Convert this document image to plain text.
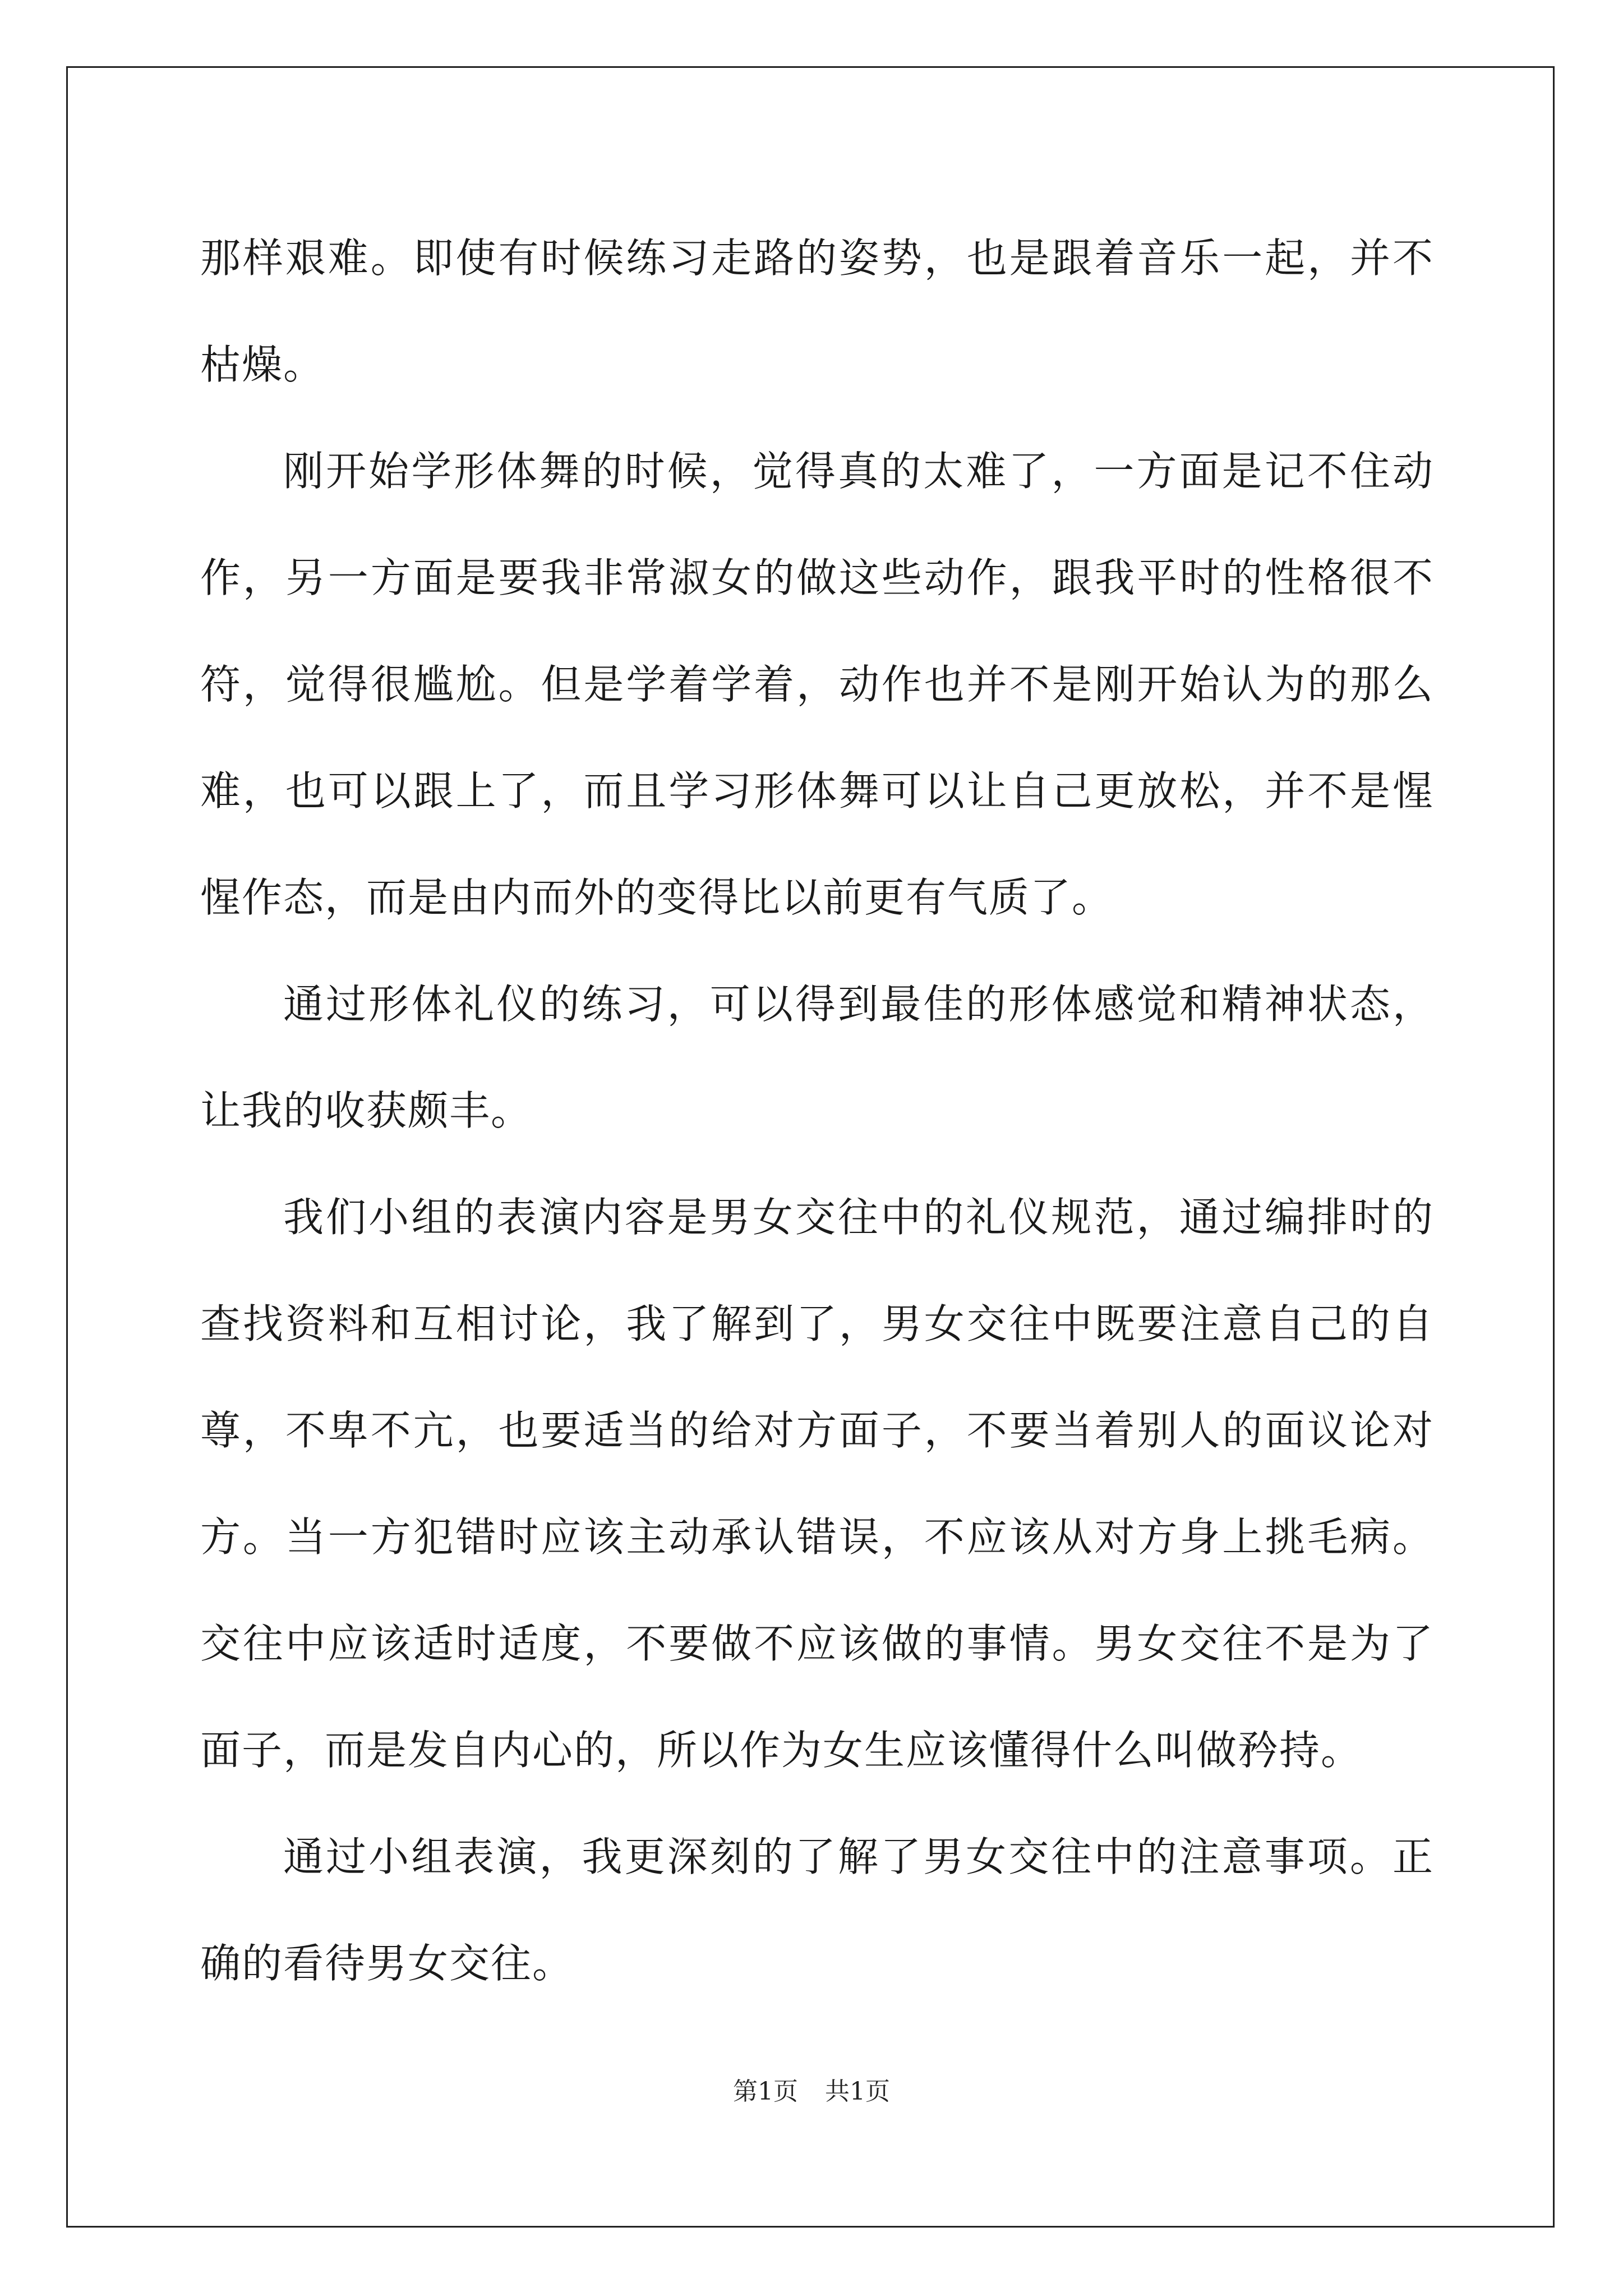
那样艰难。即使有时候练习走路的姿势，也是跟着音乐一起，并不枯燥。

刚开始学形体舞的时候，觉得真的太难了，一方面是记不住动作，另一方面是要我非常淑女的做这些动作，跟我平时的性格很不符，觉得很尴尬。但是学着学着，动作也并不是刚开始认为的那么难，也可以跟上了，而且学习形体舞可以让自己更放松，并不是惺惺作态，而是由内而外的变得比以前更有气质了。

通过形体礼仪的练习，可以得到最佳的形体感觉和精神状态，让我的收获颇丰。

我们小组的表演内容是男女交往中的礼仪规范，通过编排时的查找资料和互相讨论，我了解到了，男女交往中既要注意自己的自尊，不卑不亢，也要适当的给对方面子，不要当着别人的面议论对方。当一方犯错时应该主动承认错误，不应该从对方身上挑毛病。交往中应该适时适度，不要做不应该做的事情。男女交往不是为了面子，而是发自内心的，所以作为女生应该懂得什么叫做矜持。

通过小组表演，我更深刻的了解了男女交往中的注意事项。正确的看待男女交往。

第1页 共1页
